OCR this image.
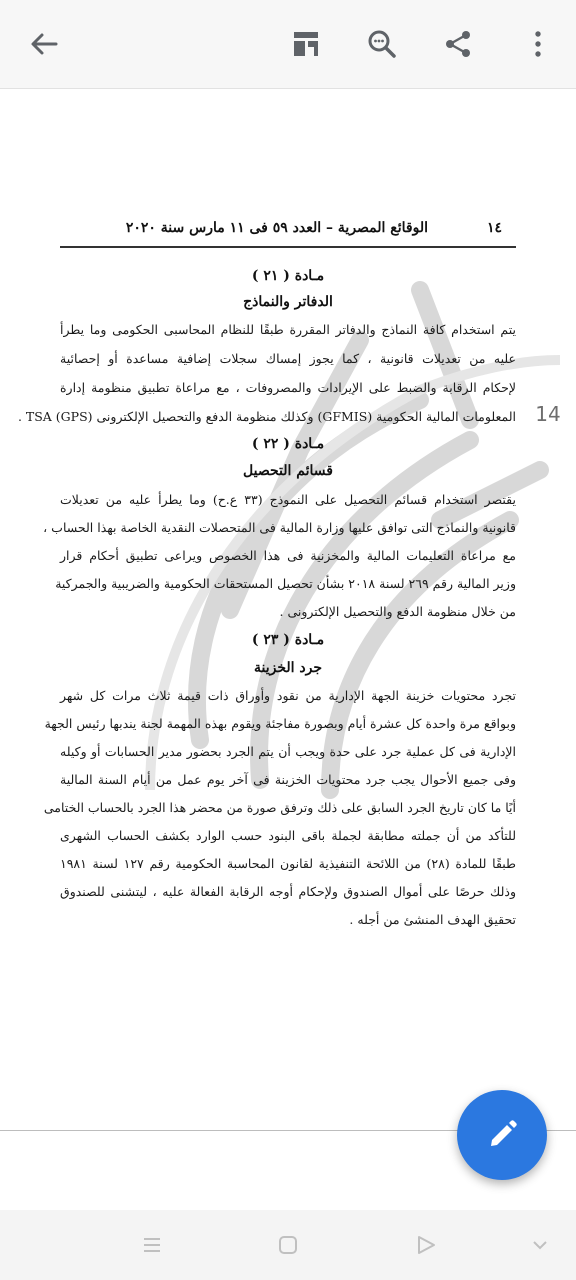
١٤
الوقائع المصرية – العدد ٥٩ فى ١١ مارس سنة ٢٠٢٠
مـادة ( ٢١ )
الدفاتر والنماذج
يتم استخدام كافة النماذج والدفاتر المقررة طبقًا للنظام المحاسبى الحكومى وما يطرأ
عليه من تعديلات قانونية ، كما يجوز إمساك سجلات إضافية مساعدة أو إحصائية
لإحكام الرقابة والضبط على الإيرادات والمصروفات ، مع مراعاة تطبيق منظومة إدارة
المعلومات المالية الحكومية (GFMIS) وكذلك منظومة الدفع والتحصيل الإلكترونى TSA (GPS) .
مـادة ( ٢٢ )
قسائم التحصيل
يقتصر استخدام قسائم التحصيل على النموذج (٣٣ ع.ح) وما يطرأ عليه من تعديلات
قانونية والنماذج التى توافق عليها وزارة المالية فى المتحصلات النقدية الخاصة بهذا الحساب ،
مع مراعاة التعليمات المالية والمخزنية فى هذا الخصوص ويراعى تطبيق أحكام قرار
وزير المالية رقم ٢٦٩ لسنة ٢٠١٨ بشأن تحصيل المستحقات الحكومية والضريبية والجمركية
من خلال منظومة الدفع والتحصيل الإلكترونى .
مـادة ( ٢٣ )
جرد الخزينة
تجرد محتويات خزينة الجهة الإدارية من نقود وأوراق ذات قيمة ثلاث مرات كل شهر
وبواقع مرة واحدة كل عشرة أيام وبصورة مفاجئة ويقوم بهذه المهمة لجنة يندبها رئيس الجهة
الإدارية فى كل عملية جرد على حدة ويجب أن يتم الجرد بحضور مدير الحسابات أو وكيله
وفى جميع الأحوال يجب جرد محتويات الخزينة فى آخر يوم عمل من أيام السنة المالية
أيًا ما كان تاريخ الجرد السابق على ذلك وترفق صورة من محضر هذا الجرد بالحساب الختامى
للتأكد من أن جملته مطابقة لجملة باقى البنود حسب الوارد بكشف الحساب الشهرى
طبقًا للمادة (٢٨) من اللائحة التنفيذية لقانون المحاسبة الحكومية رقم ١٢٧ لسنة ١٩٨١
وذلك حرصًا على أموال الصندوق ولإحكام أوجه الرقابة الفعالة عليه ، ليتشنى للصندوق
تحقيق الهدف المنشئ من أجله .
14
